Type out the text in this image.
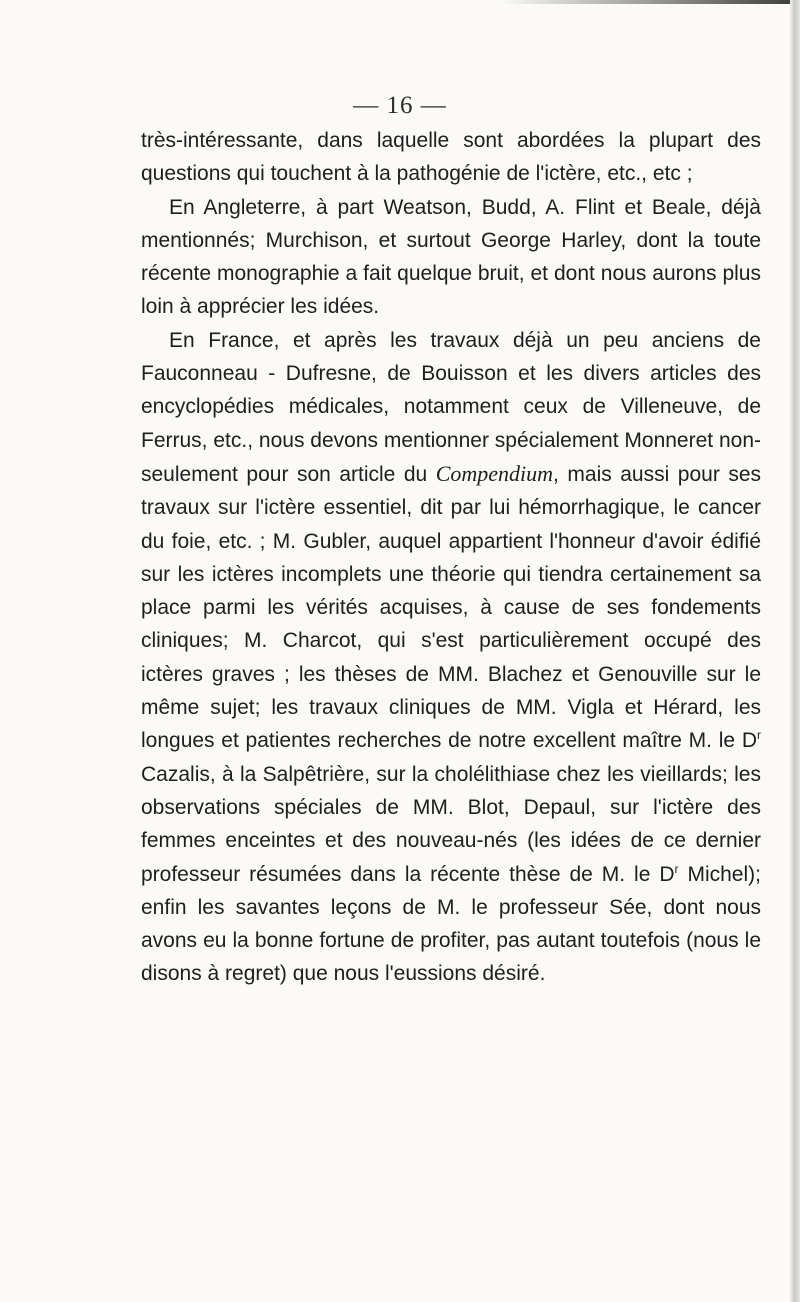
— 16 —

très-intéressante, dans laquelle sont abordées la plupart des questions qui touchent à la pathogénie de l'ictère, etc., etc ;

En Angleterre, à part Weatson, Budd, A. Flint et Beale, déjà mentionnés; Murchison, et surtout George Harley, dont la toute récente monographie a fait quelque bruit, et dont nous aurons plus loin à apprécier les idées.

En France, et après les travaux déjà un peu anciens de Fauconneau - Dufresne, de Bouisson et les divers articles des encyclopédies médicales, notamment ceux de Villeneuve, de Ferrus, etc., nous devons mentionner spécialement Monneret non-seulement pour son article du Compendium, mais aussi pour ses travaux sur l'ictère essentiel, dit par lui hémorrhagique, le cancer du foie, etc. ; M. Gubler, auquel appartient l'honneur d'avoir édifié sur les ictères incomplets une théorie qui tiendra certainement sa place parmi les vérités acquises, à cause de ses fondements cliniques; M. Charcot, qui s'est particulièrement occupé des ictères graves ; les thèses de MM. Blachez et Genouville sur le même sujet; les travaux cliniques de MM. Vigla et Hérard, les longues et patientes recherches de notre excellent maître M. le $D^r$ Cazalis, à la Salpêtrière, sur la cholélithiase chez les vieillards; les observations spéciales de MM. Blot, Depaul, sur l'ictère des femmes enceintes et des nouveau-nés (les idées de ce dernier professeur résumées dans la récente thèse de M. le $D^r$ Michel); enfin les savantes leçons de M. le professeur Sée, dont nous avons eu la bonne fortune de profiter, pas autant toutefois (nous le disons à regret) que nous l'eussions désiré.
